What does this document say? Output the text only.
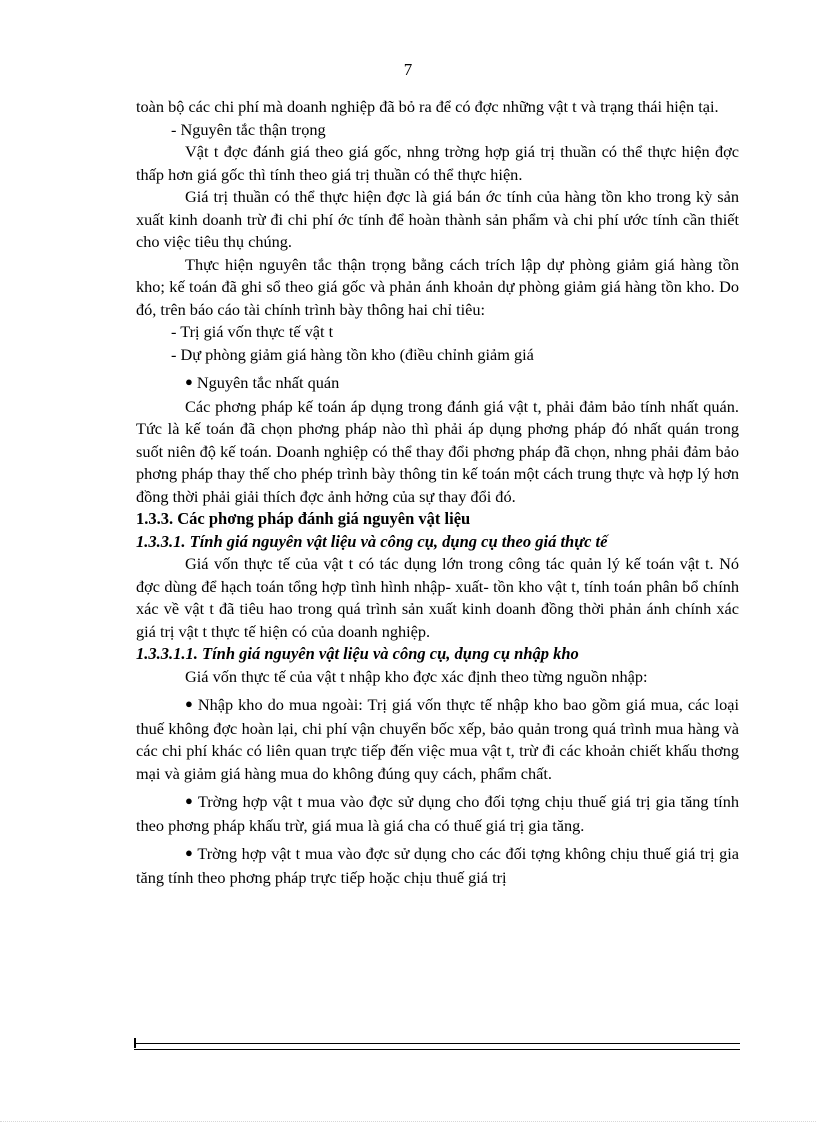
7

toàn bộ các chi phí mà doanh nghiệp đã bỏ ra để có đợc những vật t và trạng thái hiện tại.

- Nguyên tắc thận trọng

Vật t đợc đánh giá theo giá gốc, nhng trờng hợp giá trị thuần có thể thực hiện đợc thấp hơn giá gốc thì tính theo giá trị thuần có thể thực hiện.

Giá trị thuần có thể thực hiện đợc là giá bán ớc tính của hàng tồn kho trong kỳ sản xuất kinh doanh trừ đi chi phí ớc tính để hoàn thành sản phẩm và chi phí ước tính cần thiết cho việc tiêu thụ chúng.

Thực hiện nguyên tắc thận trọng bằng cách trích lập dự phòng giảm giá hàng tồn kho; kế toán đã ghi sổ theo giá gốc và phản ánh khoản dự phòng giảm giá hàng tồn kho. Do đó, trên báo cáo tài chính trình bày thông hai chỉ tiêu:

- Trị giá vốn thực tế vật t

- Dự phòng giảm giá hàng tồn kho (điều chỉnh giảm giá

● Nguyên tắc nhất quán

Các phơng pháp kế toán áp dụng trong đánh giá vật t, phải đảm bảo tính nhất quán. Tức là kế toán đã chọn phơng pháp nào thì phải áp dụng phơng pháp đó nhất quán trong suốt niên độ kế toán. Doanh nghiệp có thể thay đổi phơng pháp đã chọn, nhng phải đảm bảo phơng pháp thay thế cho phép trình bày thông tin kế toán một cách trung thực và hợp lý hơn đồng thời phải giải thích đợc ảnh hởng của sự thay đổi đó.

1.3.3. Các phơng pháp đánh giá nguyên vật liệu

1.3.3.1. Tính giá nguyên vật liệu và công cụ, dụng cụ theo giá thực tế

Giá vốn thực tế của vật t có tác dụng lớn trong công tác quản lý kế toán vật t. Nó đợc dùng để hạch toán tổng hợp tình hình nhập- xuất- tồn kho vật t, tính toán phân bổ chính xác về vật t đã tiêu hao trong quá trình sản xuất kinh doanh đồng thời phản ánh chính xác giá trị vật t thực tế hiện có của doanh nghiệp.

1.3.3.1.1. Tính giá nguyên vật liệu và công cụ, dụng cụ nhập kho

Giá vốn thực tế của vật t nhập kho đợc xác định theo từng nguồn nhập:

● Nhập kho do mua ngoài: Trị giá vốn thực tế nhập kho bao gồm giá mua, các loại thuế không đợc hoàn lại, chi phí vận chuyển bốc xếp, bảo quản trong quá trình mua hàng và các chi phí khác có liên quan trực tiếp đến việc mua vật t, trừ đi các khoản chiết khấu thơng mại và giảm giá hàng mua do không đúng quy cách, phẩm chất.

● Trờng hợp vật t mua vào đợc sử dụng cho đối tợng chịu thuế giá trị gia tăng tính theo phơng pháp khấu trừ, giá mua là giá cha có thuế giá trị gia tăng.

● Trờng hợp vật t mua vào đợc sử dụng cho các đối tợng không chịu thuế giá trị gia tăng tính theo phơng pháp trực tiếp hoặc chịu thuế giá trị
